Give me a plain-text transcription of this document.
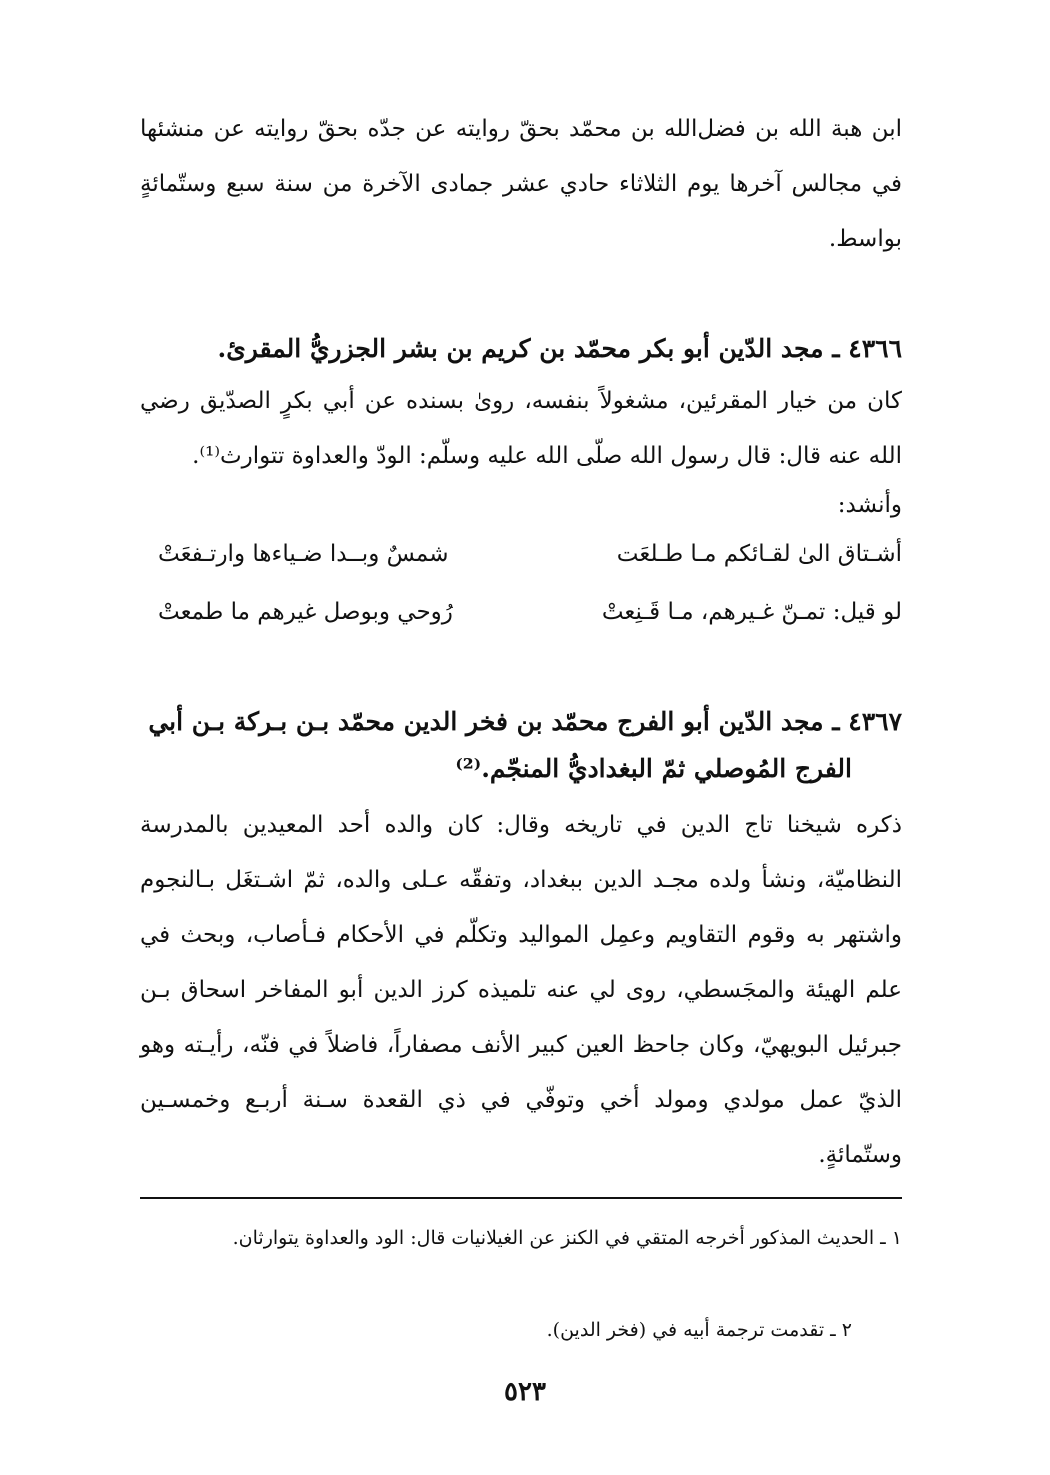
ابن هبة الله بن فضل‌الله بن محمّد بحقّ روايته عن جدّه بحقّ روايته عن منشئها في مجالس آخرها يوم الثلاثاء حادي عشر جمادى الآخرة من سنة سبع وستّمائةٍ بواسط.

٤٣٦٦ ـ مجد الدّين أبو بكر محمّد بن كريم بن بشر الجزريُّ المقرئ.

كان من خيار المقرئين، مشغولاً بنفسه، روىٰ بسنده عن أبي بكرٍ الصدّيق رضي الله عنه قال: قال رسول الله صلّى الله عليه وسلّم: الودّ والعداوة تتوارث⁽¹⁾.

وأنشد:

أشـتاق الىٰ لقـائكم مـا طـلعَت
شمسٌ وبــدا ضـياءها وارتـفعَتْ
لو قيل: تمـنّ غـيرهم، مـا قَـنِعتْ
رُوحي وبوصل غيرهم ما طمعتْ
٤٣٦٧ ـ مجد الدّين أبو الفرج محمّد بن فخر الدين محمّد بـن بـركة بـن أبي
الفرج المُوصلي ثمّ البغداديُّ المنجّم.⁽²⁾

ذكره شيخنا تاج الدين في تاريخه وقال: كان والده أحد المعيدين بالمدرسة النظاميّة، ونشأ ولده مجـد الدين ببغداد، وتفقّه عـلى والده، ثمّ اشـتغَل بـالنجوم واشتهر به وقوم التقاويم وعمِل المواليد وتكلّم في الأحكام فـأصاب، وبحث في علم الهيئة والمجَسطي، روى لي عنه تلميذه كرز الدين أبو المفاخر اسحاق بـن جبرئيل البويهيّ، وكان جاحظ العين كبير الأنف مصفاراً، فاضلاً في فنّه، رأيـته وهو الذيّ عمل مولدي ومولد أخي وتوفّي في ذي القعدة سـنة أربـع وخمسـين وستّمائةٍ.

١ ـ الحديث المذكور أخرجه المتقي في الكنز عن الغيلانيات قال: الود والعداوة يتوارثان.

٢ ـ تقدمت ترجمة أبيه في (فخر الدين).

٥٢٣
